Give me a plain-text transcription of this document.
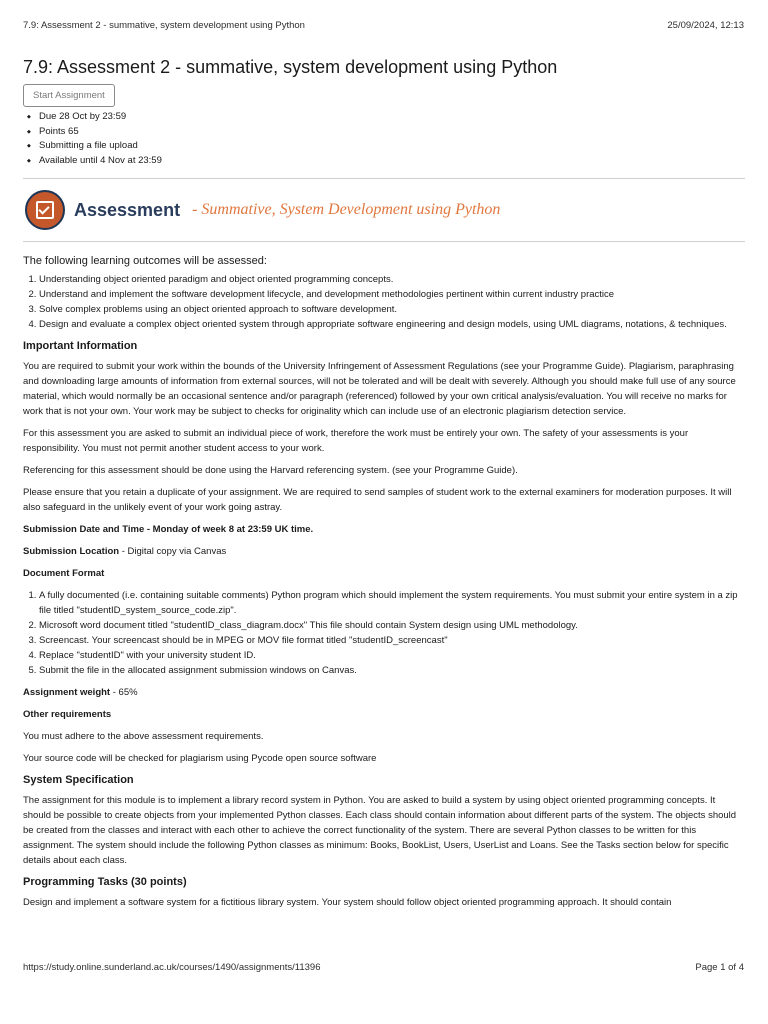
7.9: Assessment 2 - summative, system development using Python	25/09/2024, 12:13
7.9: Assessment 2 - summative, system development using Python
Start Assignment
◆ Due 28 Oct by 23:59
◆ Points 65
◆ Submitting a file upload
◆ Available until 4 Nov at 23:59
Assessment - Summative, System Development using Python
The following learning outcomes will be assessed:
1. Understanding object oriented paradigm and object oriented programming concepts.
2. Understand and implement the software development lifecycle, and development methodologies pertinent within current industry practice
3. Solve complex problems using an object oriented approach to software development.
4. Design and evaluate a complex object oriented system through appropriate software engineering and design models, using UML diagrams, notations, & techniques.
Important Information

You are required to submit your work within the bounds of the University Infringement of Assessment Regulations (see your Programme Guide). Plagiarism, paraphrasing and downloading large amounts of information from external sources, will not be tolerated and will be dealt with severely. Although you should make full use of any source material, which would normally be an occasional sentence and/or paragraph (referenced) followed by your own critical analysis/evaluation. You will receive no marks for work that is not your own. Your work may be subject to checks for originality which can include use of an electronic plagiarism detection service.

For this assessment you are asked to submit an individual piece of work, therefore the work must be entirely your own. The safety of your assessments is your responsibility. You must not permit another student access to your work.

Referencing for this assessment should be done using the Harvard referencing system. (see your Programme Guide).

Please ensure that you retain a duplicate of your assignment. We are required to send samples of student work to the external examiners for moderation purposes. It will also safeguard in the unlikely event of your work going astray.

Submission Date and Time - Monday of week 8 at 23:59 UK time.

Submission Location - Digital copy via Canvas

Document Format

1. A fully documented (i.e. containing suitable comments) Python program which should implement the system requirements. You must submit your entire system in a zip file titled "studentID_system_source_code.zip".
2. Microsoft word document titled "studentID_class_diagram.docx" This file should contain System design using UML methodology.
3. Screencast. Your screencast should be in MPEG or MOV file format titled "studentID_screencast"
4. Replace "studentID" with your university student ID.
5. Submit the file in the allocated assignment submission windows on Canvas.

Assignment weight - 65%

Other requirements

You must adhere to the above assessment requirements.

Your source code will be checked for plagiarism using Pycode open source software

System Specification

The assignment for this module is to implement a library record system in Python. You are asked to build a system by using object oriented programming concepts. It should be possible to create objects from your implemented Python classes. Each class should contain information about different parts of the system. The objects should be created from the classes and interact with each other to achieve the correct functionality of the system. There are several Python classes to be written for this assignment. The system should include the following Python classes as minimum: Books, BookList, Users, UserList and Loans. See the Tasks section below for specific details about each class.

Programming Tasks (30 points)

Design and implement a software system for a fictitious library system. Your system should follow object oriented programming approach. It should contain

https://study.online.sunderland.ac.uk/courses/1490/assignments/11396	Page 1 of 4
